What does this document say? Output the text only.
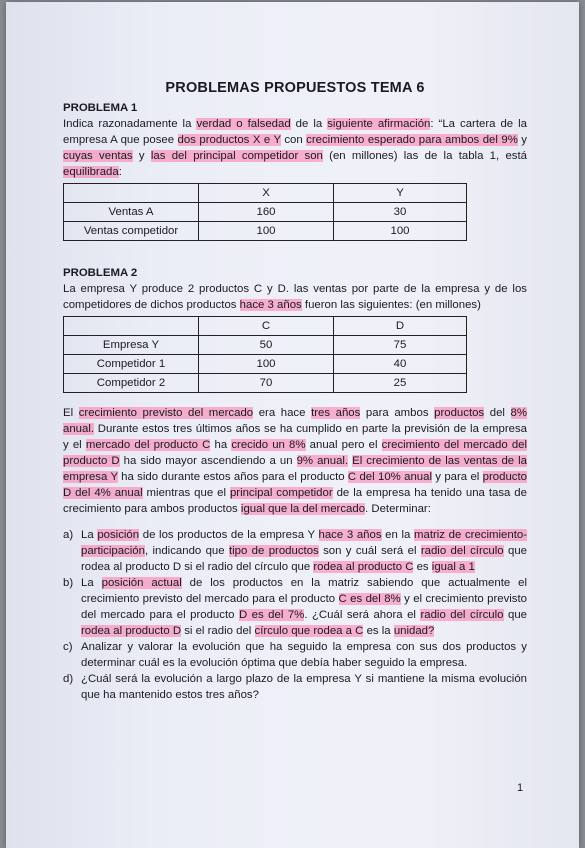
PROBLEMAS PROPUESTOS TEMA 6
PROBLEMA 1

Indica razonadamente la verdad o falsedad de la siguiente afirmación: “La cartera de la empresa A que posee dos productos X e Y con crecimiento esperado para ambos del 9% y cuyas ventas y las del principal competidor son (en millones) las de la tabla 1, está equilibrada:

	X	Y
Ventas A	160	30
Ventas competidor	100	100
PROBLEMA 2

La empresa Y produce 2 productos C y D. las ventas por parte de la empresa y de los competidores de dichos productos hace 3 años fueron las siguientes: (en millones)

	C	D
Empresa Y	50	75
Competidor 1	100	40
Competidor 2	70	25

El crecimiento previsto del mercado era hace tres años para ambos productos del 8% anual. Durante estos tres últimos años se ha cumplido en parte la previsión de la empresa y el mercado del producto C ha crecido un 8% anual pero el crecimiento del mercado del producto D ha sido mayor ascendiendo a un 9% anual. El crecimiento de las ventas de la empresa Y ha sido durante estos años para el producto C del 10% anual y para el producto D del 4% anual mientras que el principal competidor de la empresa ha tenido una tasa de crecimiento para ambos productos igual que la del mercado. Determinar:

a) La posición de los productos de la empresa Y hace 3 años en la matriz de crecimiento-participación, indicando que tipo de productos son y cuál será el radio del círculo que rodea al producto D si el radio del círculo que rodea al producto C es igual a 1
b) La posición actual de los productos en la matriz sabiendo que actualmente el crecimiento previsto del mercado para el producto C es del 8% y el crecimiento previsto del mercado para el producto D es del 7%. ¿Cuál será ahora el radio del círculo que rodea al producto D si el radio del círculo que rodea a C es la unidad?
c) Analizar y valorar la evolución que ha seguido la empresa con sus dos productos y determinar cuál es la evolución óptima que debía haber seguido la empresa.
d) ¿Cuál será la evolución a largo plazo de la empresa Y si mantiene la misma evolución que ha mantenido estos tres años?
1
